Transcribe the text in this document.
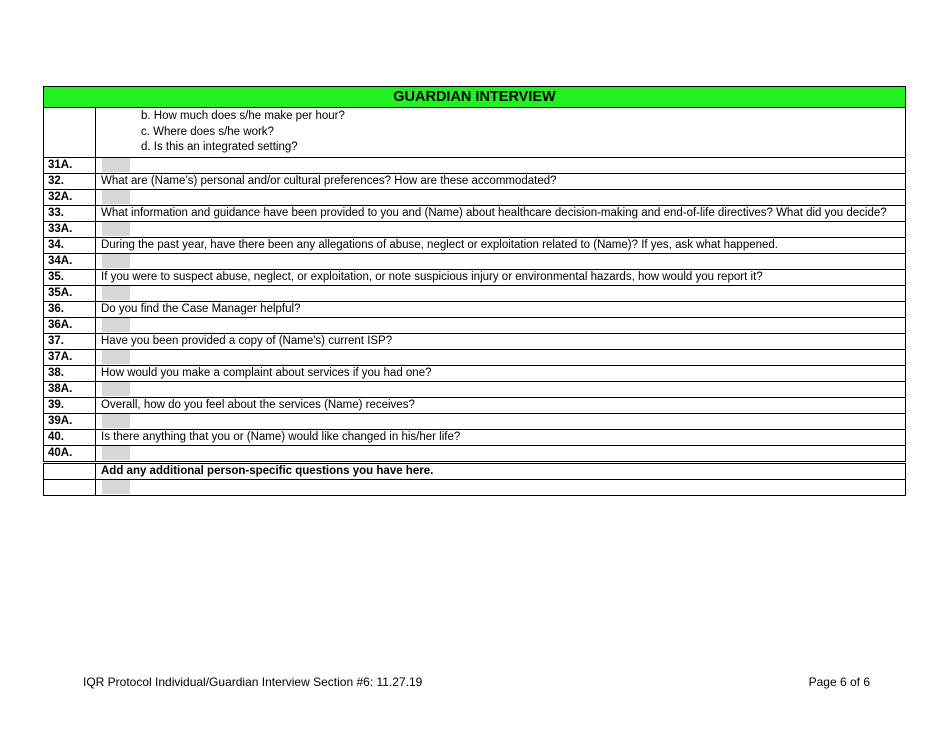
GUARDIAN INTERVIEW	

	b. How much does s/he make per hour?
c. Where does s/he work?
d. Is this an integrated setting?

31A.	
32.	What are (Name’s) personal and/or cultural preferences? How are these accommodated?
32A.	
33.	What information and guidance have been provided to you and (Name) about healthcare decision-making and end-of-life directives? What did you decide?
33A.	
34.	During the past year, have there been any allegations of abuse, neglect or exploitation related to (Name)? If yes, ask what happened.
34A.	
35.	If you were to suspect abuse, neglect, or exploitation, or note suspicious injury or environmental hazards, how would you report it?
35A.	
36.	Do you find the Case Manager helpful?
36A.	
37.	Have you been provided a copy of (Name's) current ISP?
37A.	
38.	How would you make a complaint about services if you had one?
38A.	
39.	Overall, how do you feel about the services (Name) receives?
39A.	
40.	Is there anything that you or (Name) would like changed in his/her life?
40A.	
	Add any additional person-specific questions you have here.

IQR Protocol Individual/Guardian Interview Section #6: 11.27.19	Page 6 of 6
